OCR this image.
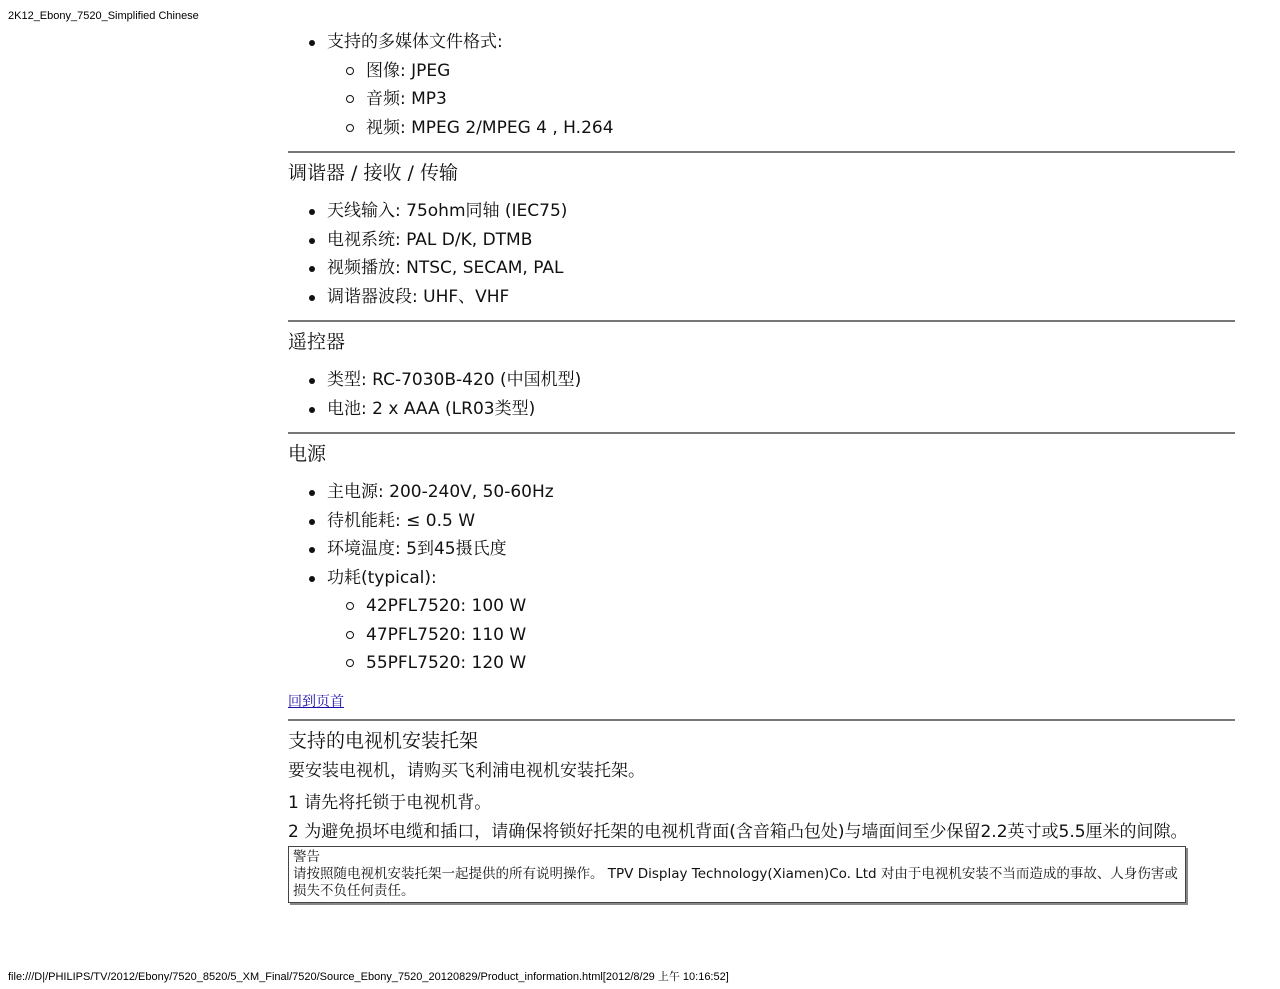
2K12_Ebony_7520_Simplified Chinese
支持的多媒体文件格式:
图像: JPEG
音频: MP3
视频: MPEG 2/MPEG 4 , H.264
调谐器 / 接收 / 传输
天线输入: 75ohm同轴 (IEC75)
电视系统: PAL D/K, DTMB
视频播放: NTSC, SECAM, PAL
调谐器波段: UHF、VHF
遥控器
类型: RC-7030B-420 (中国机型)
电池: 2 x AAA (LR03类型)
电源
主电源: 200-240V, 50-60Hz
待机能耗: ≤ 0.5 W
环境温度: 5到45摄氏度
功耗(typical):
42PFL7520: 100 W
47PFL7520: 110 W
55PFL7520: 120 W
回到页首
支持的电视机安装托架

要安装电视机，请购买飞利浦电视机安装托架。

1 请先将托锁于电视机背。

2 为避免损坏电缆和插口，请确保将锁好托架的电视机背面(含音箱凸包处)与墙面间至少保留2.2英寸或5.5厘米的间隙。

警告
请按照随电视机安装托架一起提供的所有说明操作。 TPV Display Technology(Xiamen)Co. Ltd 对由于电视机安装不当而造成的事故、人身伤害或损失不负任何责任。
file:///D|/PHILIPS/TV/2012/Ebony/7520_8520/5_XM_Final/7520/Source_Ebony_7520_20120829/Product_information.html[2012/8/29 上午 10:16:52]
